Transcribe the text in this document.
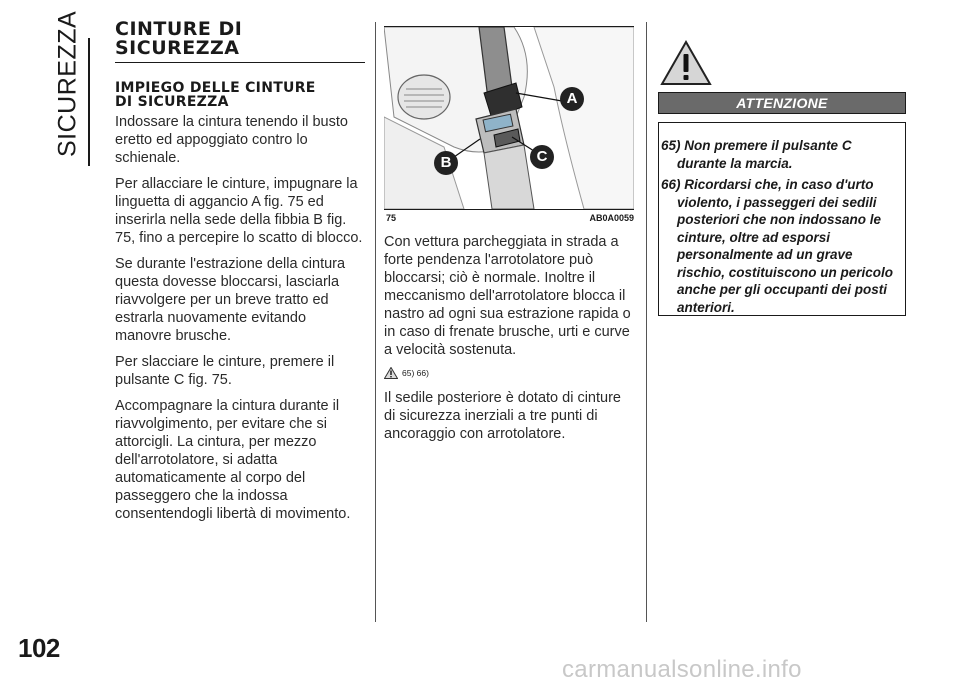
SICUREZZA CINTURE DI
SICUREZZA
IMPIEGO DELLE CINTURE
DI SICUREZZA

Indossare la cintura tenendo il busto eretto ed appoggiato contro lo schienale.

Per allacciare le cinture, impugnare la linguetta di aggancio A fig. 75 ed inserirla nella sede della fibbia B fig. 75, fino a percepire lo scatto di blocco.

Se durante l'estrazione della cintura questa dovesse bloccarsi, lasciarla riavvolgere per un breve tratto ed estrarla nuovamente evitando manovre brusche.

Per slacciare le cinture, premere il pulsante C fig. 75.

Accompagnare la cintura durante il riavvolgimento, per evitare che si attorcigli. La cintura, per mezzo dell'arrotolatore, si adatta automaticamente al corpo del passeggero che la indossa consentendogli libertà di movimento.

A
B	C
75	AB0A0059

Con vettura parcheggiata in strada a forte pendenza l'arrotolatore può bloccarsi; ciò è normale. Inoltre il meccanismo dell'arrotolatore blocca il nastro ad ogni sua estrazione rapida o in caso di frenate brusche, urti e curve a velocità sostenuta.

65) 66)

Il sedile posteriore è dotato di cinture di sicurezza inerziali a tre punti di ancoraggio con arrotolatore.

ATTENZIONE

65) Non premere il pulsante C durante la marcia.

66) Ricordarsi che, in caso d'urto violento, i passeggeri dei sedili posteriori che non indossano le cinture, oltre ad esporsi personalmente ad un grave rischio, costituiscono un pericolo anche per gli occupanti dei posti anteriori.

102
carmanualsonline.info
